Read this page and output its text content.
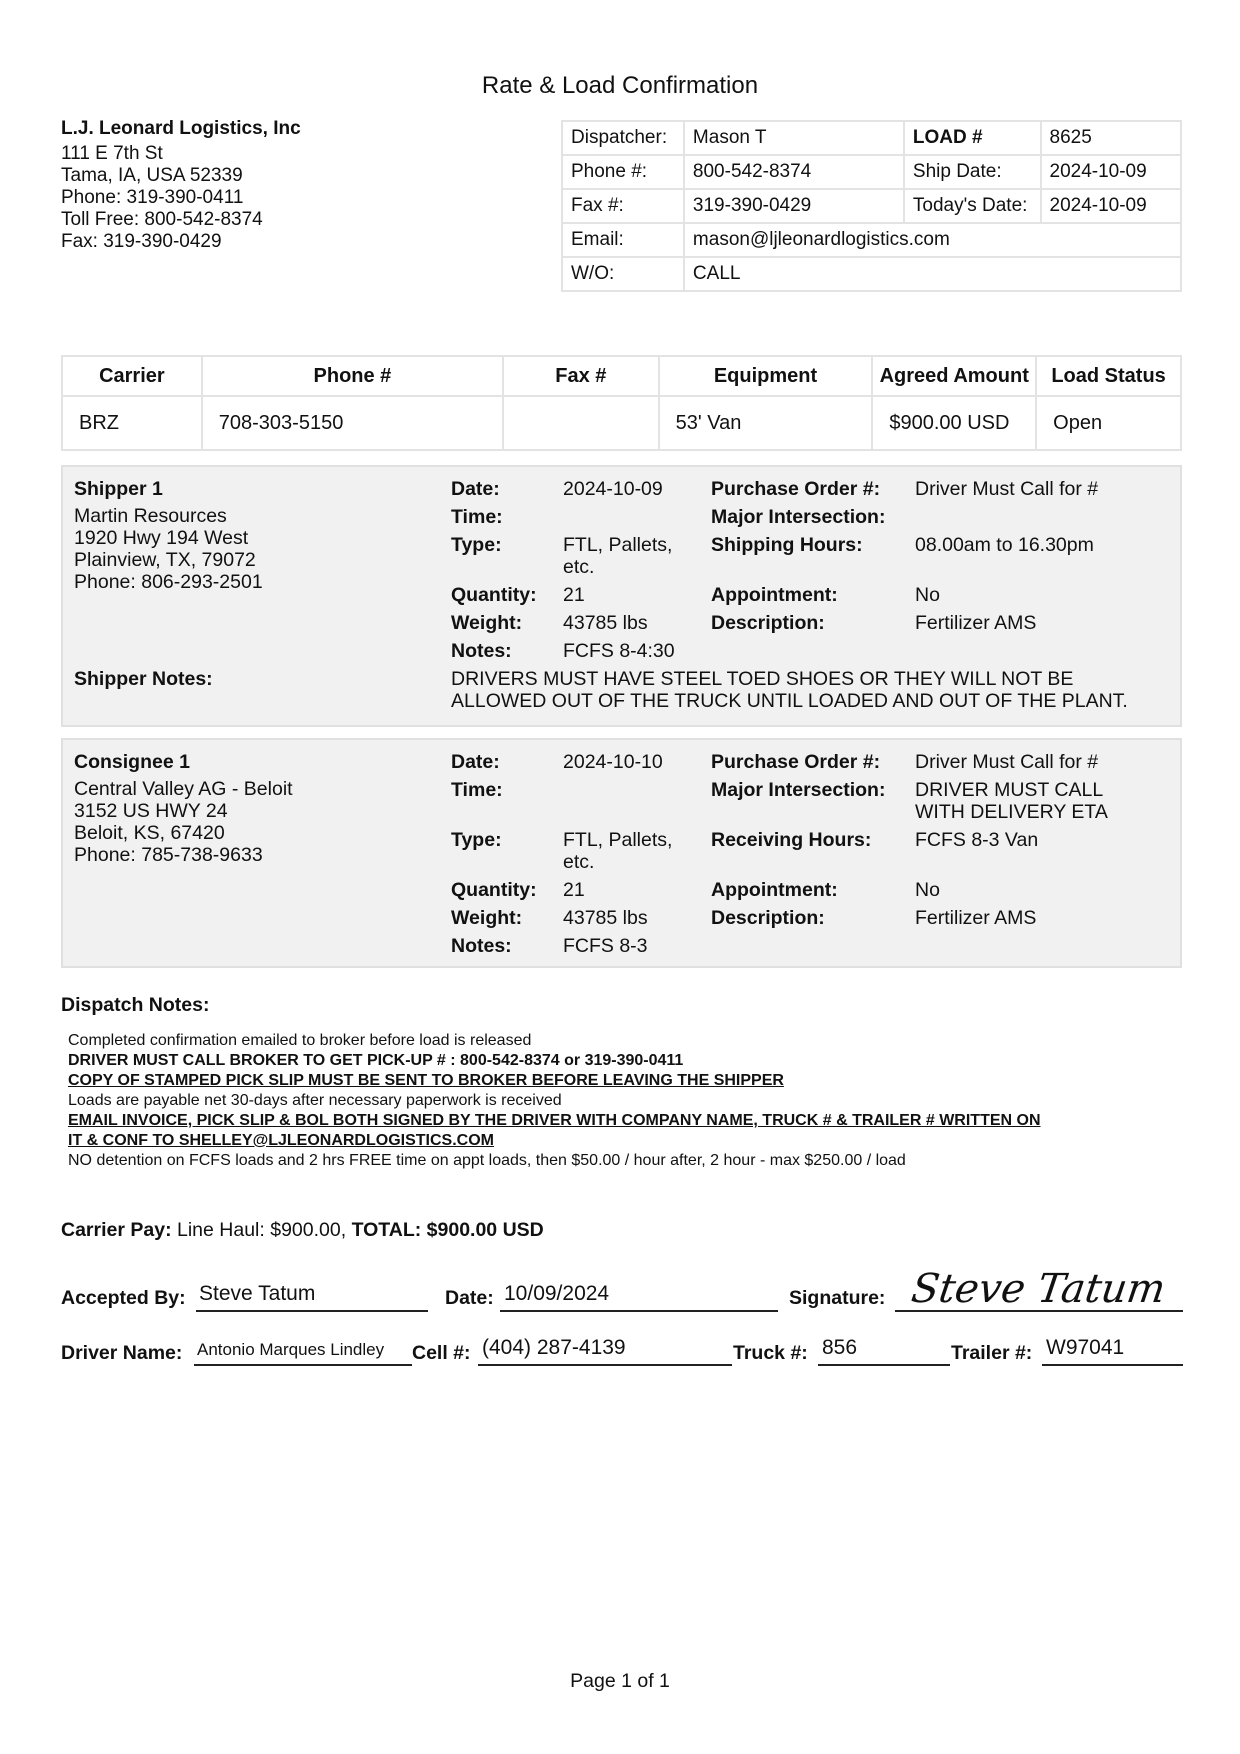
Rate & Load Confirmation
L.J. Leonard Logistics, Inc
111 E 7th St
Tama, IA, USA 52339
Phone: 319-390-0411
Toll Free: 800-542-8374
Fax: 319-390-0429
Dispatcher:	Mason T	LOAD #	8625
Phone #:	800-542-8374	Ship Date:	2024-10-09
Fax #:	319-390-0429	Today's Date:	2024-10-09
Email:	mason@ljleonardlogistics.com		
W/O:	CALL		
Carrier	Phone #	Fax #	Equipment	Agreed Amount	Load Status
BRZ	708-303-5150		53' Van	$900.00 USD	Open
Shipper 1
Martin Resources
1920 Hwy 194 West
Plainview, TX, 79072
Phone: 806-293-2501
Date:	2024-10-09
Time:
Type:	FTL, Pallets,
etc.
Quantity: 21
Weight: 43785 lbs
Notes:	FCFS 8-4:30
Purchase Order #: Driver Must Call for #
Major Intersection:
Shipping Hours:	08.00am to 16.30pm
Appointment:	No
Description:	Fertilizer AMS
Shipper Notes:	DRIVERS MUST HAVE STEEL TOED SHOES OR THEY WILL NOT BE
ALLOWED OUT OF THE TRUCK UNTIL LOADED AND OUT OF THE PLANT.
Consignee 1
Central Valley AG - Beloit
3152 US HWY 24
Beloit, KS, 67420
Phone: 785-738-9633
Date:	2024-10-10
Time:
Type:	FTL, Pallets,
etc.
Quantity: 21
Weight: 43785 lbs
Notes:	FCFS 8-3
Purchase Order #: Driver Must Call for #
Major Intersection: DRIVER MUST CALL
WITH DELIVERY ETA
Receiving Hours: FCFS 8-3 Van
Appointment:	No
Description:	Fertilizer AMS
Dispatch Notes:
Completed confirmation emailed to broker before load is released
DRIVER MUST CALL BROKER TO GET PICK-UP # : 800-542-8374 or 319-390-0411
COPY OF STAMPED PICK SLIP MUST BE SENT TO BROKER BEFORE LEAVING THE SHIPPER
Loads are payable net 30-days after necessary paperwork is received
EMAIL INVOICE, PICK SLIP & BOL BOTH SIGNED BY THE DRIVER WITH COMPANY NAME, TRUCK # & TRAILER # WRITTEN ON
IT & CONF TO SHELLEY@LJLEONARDLOGISTICS.COM
NO detention on FCFS loads and 2 hrs FREE time on appt loads, then $50.00 / hour after, 2 hour - max $250.00 / load
Carrier Pay: Line Haul: $900.00, TOTAL: $900.00 USD
Accepted By: Steve Tatum	Date: 10/09/2024	Signature: Steve Tatum
Driver Name: Antonio Marques Lindley Cell #: (404) 287-4139	Truck #: 856	Trailer #: W97041
Page 1 of 1
